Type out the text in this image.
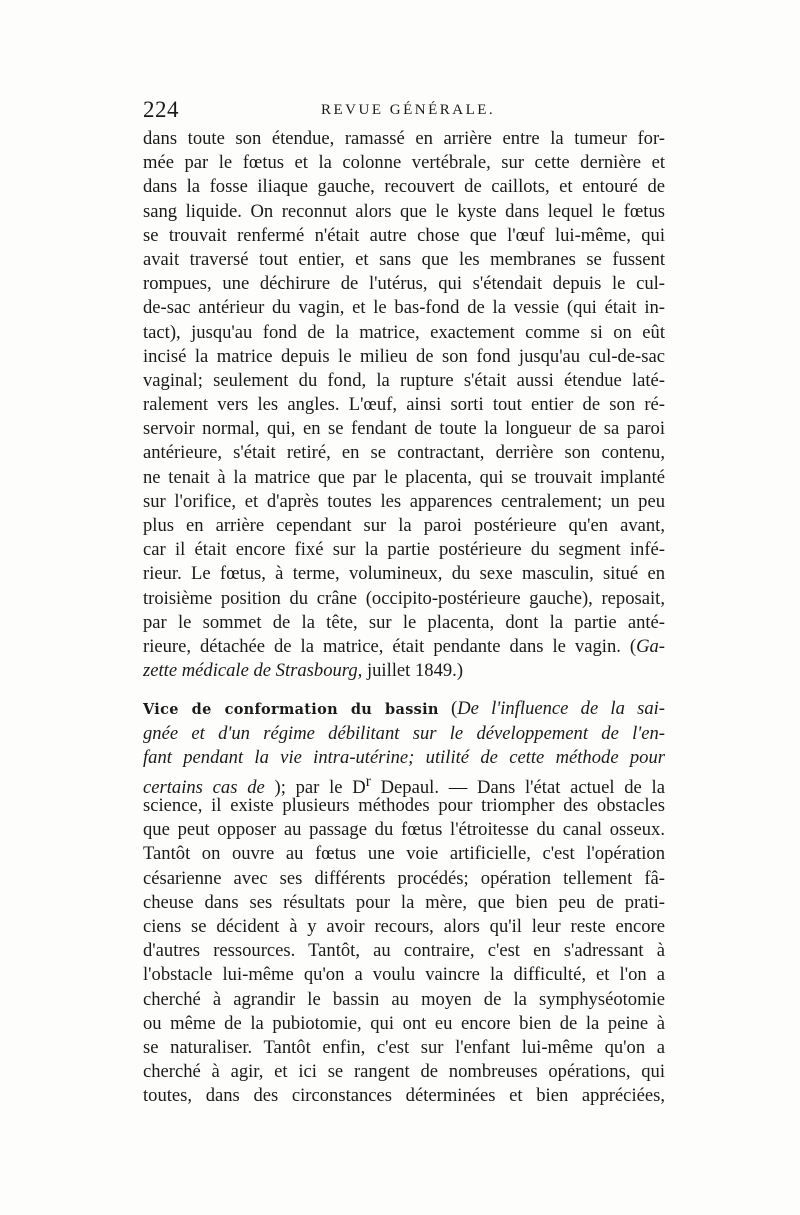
224	REVUE GÉNÉRALE.
dans toute son étendue, ramassé en arrière entre la tumeur for-
mée par le fœtus et la colonne vertébrale, sur cette dernière et
dans la fosse iliaque gauche, recouvert de caillots, et entouré de
sang liquide. On reconnut alors que le kyste dans lequel le fœtus
se trouvait renfermé n'était autre chose que l'œuf lui-même, qui
avait traversé tout entier, et sans que les membranes se fussent
rompues, une déchirure de l'utérus, qui s'étendait depuis le cul-
de-sac antérieur du vagin, et le bas-fond de la vessie (qui était in-
tact), jusqu'au fond de la matrice, exactement comme si on eût
incisé la matrice depuis le milieu de son fond jusqu'au cul-de-sac
vaginal; seulement du fond, la rupture s'était aussi étendue laté-
ralement vers les angles. L'œuf, ainsi sorti tout entier de son ré-
servoir normal, qui, en se fendant de toute la longueur de sa paroi
antérieure, s'était retiré, en se contractant, derrière son contenu,
ne tenait à la matrice que par le placenta, qui se trouvait implanté
sur l'orifice, et d'après toutes les apparences centralement; un peu
plus en arrière cependant sur la paroi postérieure qu'en avant,
car il était encore fixé sur la partie postérieure du segment infé-
rieur. Le fœtus, à terme, volumineux, du sexe masculin, situé en
troisième position du crâne (occipito-postérieure gauche), reposait,
par le sommet de la tête, sur le placenta, dont la partie anté-
rieure, détachée de la matrice, était pendante dans le vagin. (Ga-
zette médicale de Strasbourg, juillet 1849.)
Vice de conformation du bassin (De l'influence de la sai-
gnée et d'un régime débilitant sur le développement de l'en-
fant pendant la vie intra-utérine; utilité de cette méthode pour
certains cas de ); par le $D^r$ Depaul. — Dans l'état actuel de la
science, il existe plusieurs méthodes pour triompher des obstacles
que peut opposer au passage du fœtus l'étroitesse du canal osseux.
Tantôt on ouvre au fœtus une voie artificielle, c'est l'opération
césarienne avec ses différents procédés; opération tellement fâ-
cheuse dans ses résultats pour la mère, que bien peu de prati-
ciens se décident à y avoir recours, alors qu'il leur reste encore
d'autres ressources. Tantôt, au contraire, c'est en s'adressant à
l'obstacle lui-même qu'on a voulu vaincre la difficulté, et l'on a
cherché à agrandir le bassin au moyen de la symphyséotomie
ou même de la pubiotomie, qui ont eu encore bien de la peine à
se naturaliser. Tantôt enfin, c'est sur l'enfant lui-même qu'on a
cherché à agir, et ici se rangent de nombreuses opérations, qui
toutes, dans des circonstances déterminées et bien appréciées,
